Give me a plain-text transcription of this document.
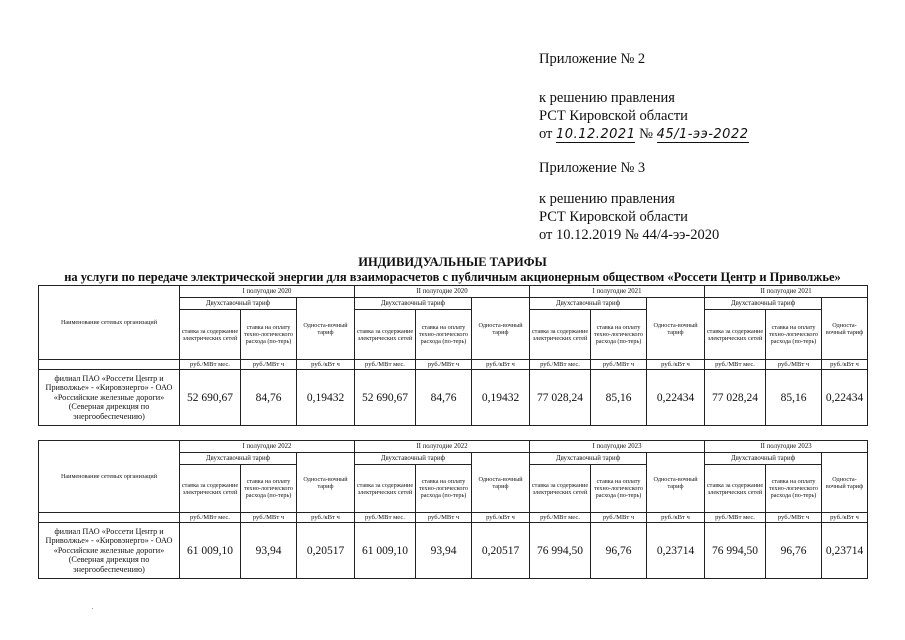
Приложение № 2
к решению правления
РСТ Кировской области
от 10.12.2021 № 45/1-ээ-2022
Приложение № 3
к решению правления
РСТ Кировской области
от 10.12.2019 № 44/4-ээ-2020
ИНДИВИДУАЛЬНЫЕ ТАРИФЫ
на услуги по передаче электрической энергии для взаиморасчетов с публичным акционерным обществом «Россети Центр и Приволжье»
Наименование сетевых организаций	I полугодие 2020			II полугодие 2020			I полугодие 2021			II полугодие 2021		
	Двухставочный тариф		Односта-вочный тариф	Двухставочный тариф		Односта-вочный тариф	Двухставочный тариф		Односта-вочный тариф	Двухставочный тариф		Односта-вочный тариф
	ставка за содержание электрических сетей	ставка на оплату техно-логического расхода (по-терь)		ставка за содержание электрических сетей	ставка на оплату техно-логического расхода (по-терь)		ставка за содержание электрических сетей	ставка на оплату техно-логического расхода (по-терь)		ставка за содержание электрических сетей	ставка на оплату техно-логического расхода (по-терь)	
	руб./МВт мес.	руб./МВт ч	руб./кВт ч	руб./МВт мес.	руб./МВт ч	руб./кВт ч	руб./МВт мес.	руб./МВт ч	руб./кВт ч	руб./МВт мес.	руб./МВт ч	руб./кВт ч
филиал ПАО «Россети Центр и Приволжье» - «Кировэнерго» - ОАО «Российские железные дороги» (Северная дирекция по энергообеспечению)	52 690,67	84,76	0,19432	52 690,67	84,76	0,19432	77 028,24	85,16	0,22434	77 028,24	85,16	0,22434
Наименование сетевых организаций	I полугодие 2022			II полугодие 2022			I полугодие 2023			II полугодие 2023		
	Двухставочный тариф		Односта-вочный тариф	Двухставочный тариф		Односта-вочный тариф	Двухставочный тариф		Односта-вочный тариф	Двухставочный тариф		Односта-вочный тариф
	ставка за содержание электрических сетей	ставка на оплату техно-логического расхода (по-терь)		ставка за содержание электрических сетей	ставка на оплату техно-логического расхода (по-терь)		ставка за содержание электрических сетей	ставка на оплату техно-логического расхода (по-терь)		ставка за содержание электрических сетей	ставка на оплату техно-логического расхода (по-терь)	
	руб./МВт мес.	руб./МВт ч	руб./кВт ч	руб./МВт мес.	руб./МВт ч	руб./кВт ч	руб./МВт мес.	руб./МВт ч	руб./кВт ч	руб./МВт мес.	руб./МВт ч	руб./кВт ч
филиал ПАО «Россети Центр и Приволжье» - «Кировэнерго» - ОАО «Российские железные дороги» (Северная дирекция по энергообеспечению)	61 009,10	93,94	0,20517	61 009,10	93,94	0,20517	76 994,50	96,76	0,23714	76 994,50	96,76	0,23714
